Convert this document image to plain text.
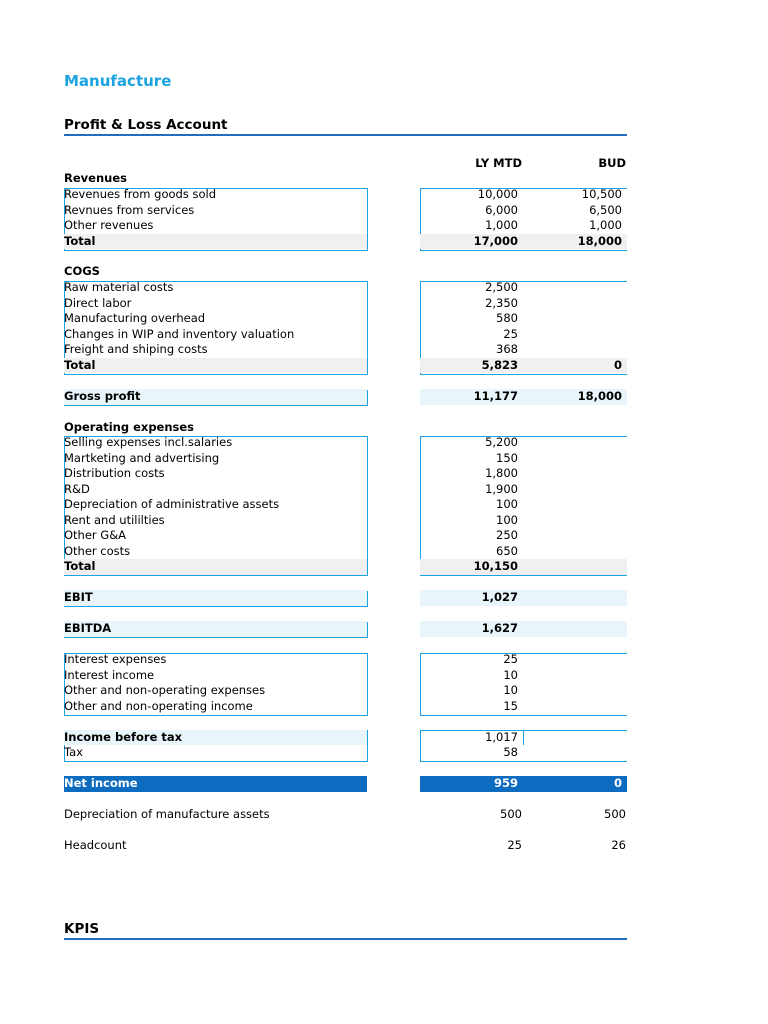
Manufacture
Profit & Loss Account
LY MTD	BUD
Revenues
Revenues from goods sold	10,000	10,500
Revnues from services	6,000	6,500
Other revenues	1,000	1,000
Total	17,000	18,000
COGS
Raw material costs	2,500
Direct labor	2,350
Manufacturing overhead	580
Changes in WIP and inventory valuation	25
Freight and shiping costs	368
Total	5,823	0
Gross profit	11,177	18,000
Operating expenses
Selling expenses incl.salaries	5,200
Martketing and advertising	150
Distribution costs	1,800
R&D	1,900
Depreciation of administrative assets	100
Rent and utililties	100
Other G&A	250
Other costs	650
Total	10,150
EBIT	1,027
EBITDA	1,627
Interest expenses	25
Interest income	10
Other and non-operating expenses	10
Other and non-operating income	15
Income before tax	1,017
Tax	58
Net income	959	0
Depreciation of manufacture assets	500	500
Headcount	25	26
KPIS
